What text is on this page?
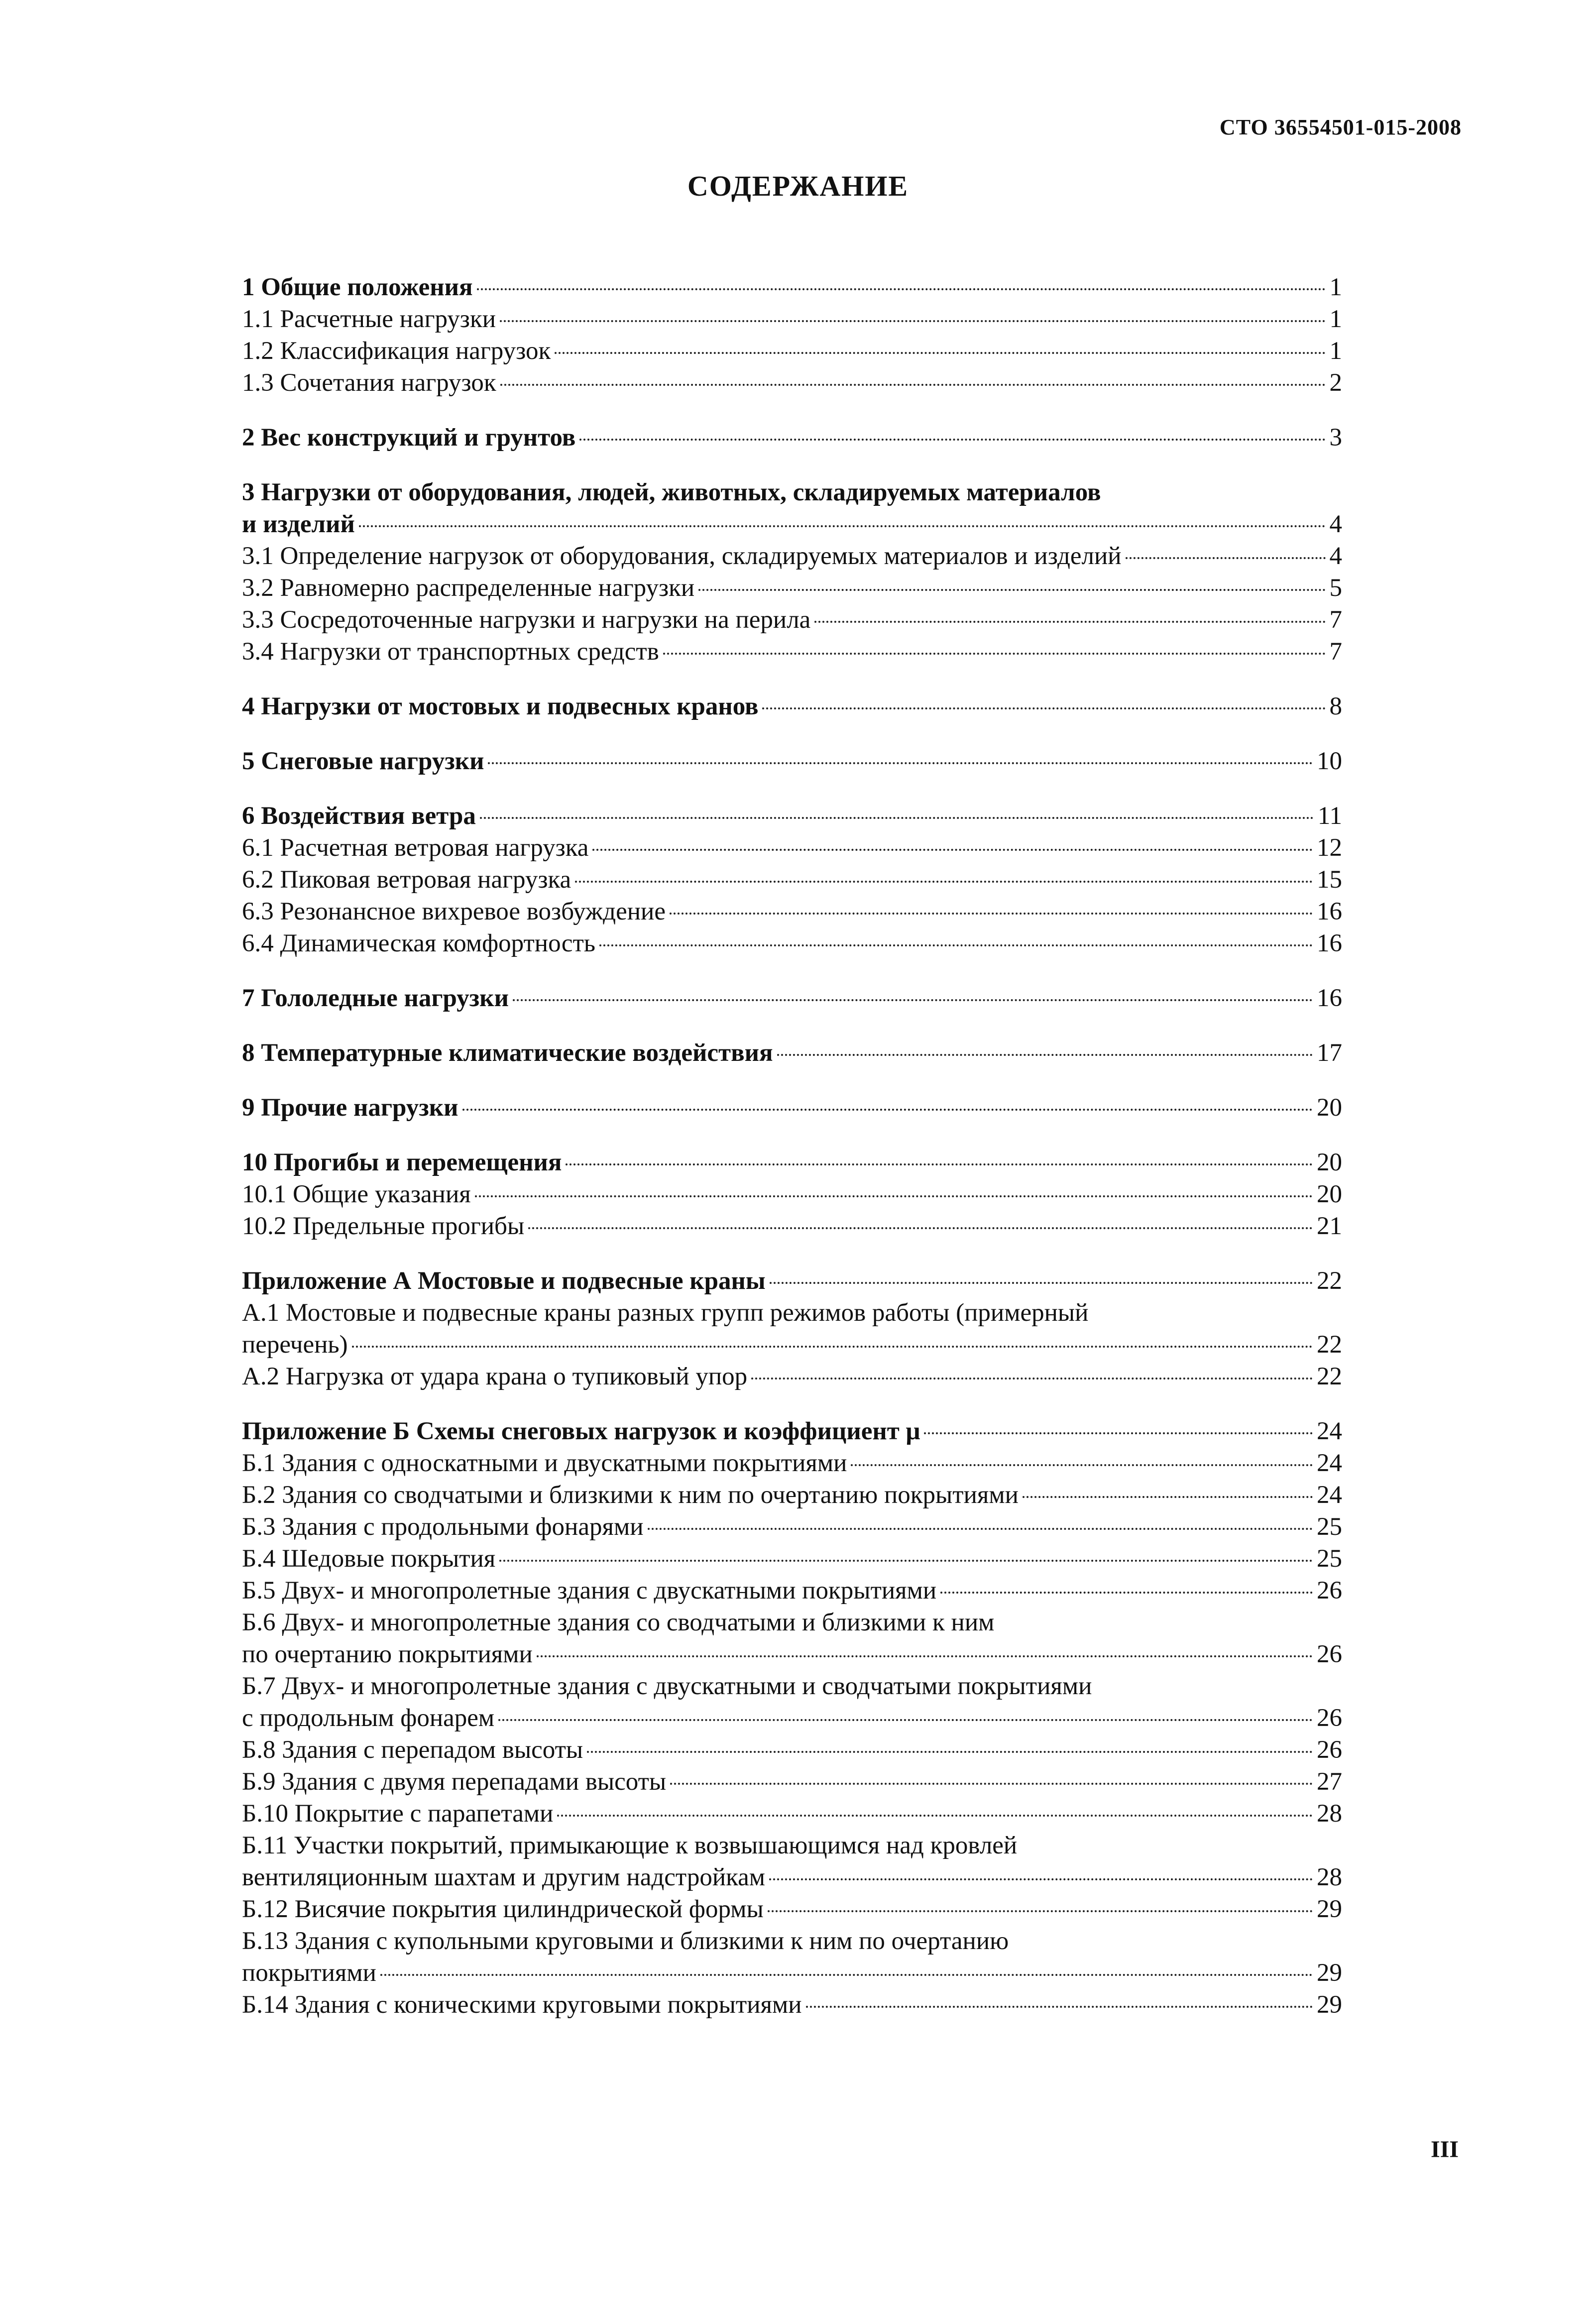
СТО 36554501-015-2008
СОДЕРЖАНИЕ
1 Общие положения	1
1.1 Расчетные нагрузки	1
1.2 Классификация нагрузок	1
1.3 Сочетания нагрузок	2
2 Вес конструкций и грунтов	3
3 Нагрузки от оборудования, людей, животных, складируемых материалов
и изделий	4
3.1 Определение нагрузок от оборудования, складируемых материалов и изделий	4
3.2 Равномерно распределенные нагрузки	5
3.3 Сосредоточенные нагрузки и нагрузки на перила	7
3.4 Нагрузки от транспортных средств	7
4 Нагрузки от мостовых и подвесных кранов	8
5 Снеговые нагрузки	10
6 Воздействия ветра	11
6.1 Расчетная ветровая нагрузка	12
6.2 Пиковая ветровая нагрузка	15
6.3 Резонансное вихревое возбуждение	16
6.4 Динамическая комфортность	16
7 Гололедные нагрузки	16
8 Температурные климатические воздействия	17
9 Прочие нагрузки	20
10 Прогибы и перемещения	20
10.1 Общие указания	20
10.2 Предельные прогибы	21
Приложение А Мостовые и подвесные краны	22
А.1 Мостовые и подвесные краны разных групп режимов работы (примерный
перечень)	22
А.2 Нагрузка от удара крана о тупиковый упор	22
Приложение Б Схемы снеговых нагрузок и коэффициент μ	24
Б.1 Здания с односкатными и двускатными покрытиями	24
Б.2 Здания со сводчатыми и близкими к ним по очертанию покрытиями	24
Б.3 Здания с продольными фонарями	25
Б.4 Шедовые покрытия	25
Б.5 Двух- и многопролетные здания с двускатными покрытиями	26
Б.6 Двух- и многопролетные здания со сводчатыми и близкими к ним
по очертанию покрытиями	26
Б.7 Двух- и многопролетные здания с двускатными и сводчатыми покрытиями
с продольным фонарем	26
Б.8 Здания с перепадом высоты	26
Б.9 Здания с двумя перепадами высоты	27
Б.10 Покрытие с парапетами	28
Б.11 Участки покрытий, примыкающие к возвышающимся над кровлей
вентиляционным шахтам и другим надстройкам	28
Б.12 Висячие покрытия цилиндрической формы	29
Б.13 Здания с купольными круговыми и близкими к ним по очертанию
покрытиями	29
Б.14 Здания с коническими круговыми покрытиями	29
III
